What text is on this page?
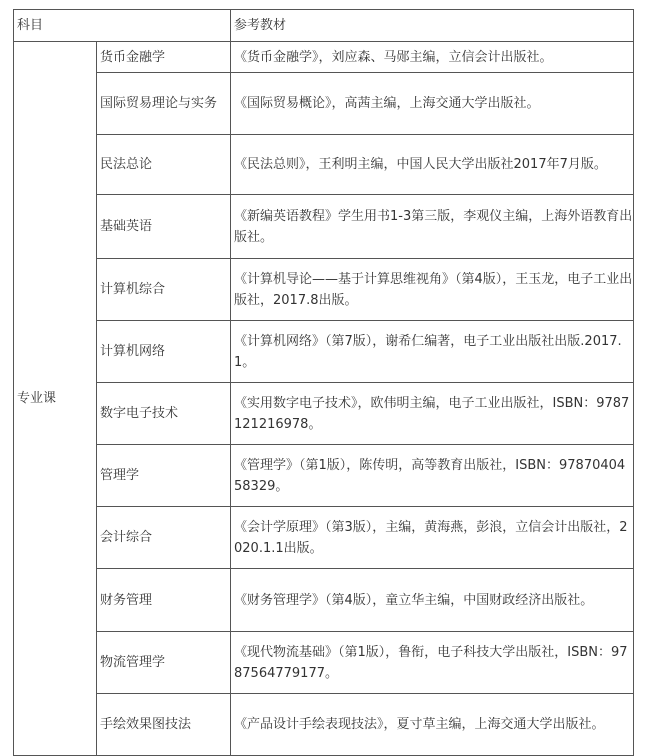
科目		参考教材
专业课	货币金融学	《货币金融学》，刘应森、马郧主编，立信会计出版社。
	国际贸易理论与实务	《国际贸易概论》，高茜主编，上海交通大学出版社。
	民法总论	《民法总则》，王利明主编，中国人民大学出版社2017年7月版。
	基础英语	《新编英语教程》学生用书1-3第三版，李观仪主编，上海外语教育出版社。
	计算机综合	《计算机导论——基于计算思维视角》（第4版），王玉龙，电子工业出版社，2017.8出版。
	计算机网络	《计算机网络》（第7版），谢希仁编著，电子工业出版社出版.2017.1。
	数字电子技术	《实用数字电子技术》，欧伟明主编，电子工业出版社，ISBN：9787121216978。
	管理学	《管理学》（第1版），陈传明，高等教育出版社，ISBN：9787040458329。
	会计综合	《会计学原理》（第3版），主编，黄海燕，彭浪，立信会计出版社，2020.1.1出版。
	财务管理	《财务管理学》（第4版），童立华主编，中国财政经济出版社。
	物流管理学	《现代物流基础》（第1版），鲁衔，电子科技大学出版社，ISBN：9787564779177。
	手绘效果图技法	《产品设计手绘表现技法》，夏寸草主编，上海交通大学出版社。
